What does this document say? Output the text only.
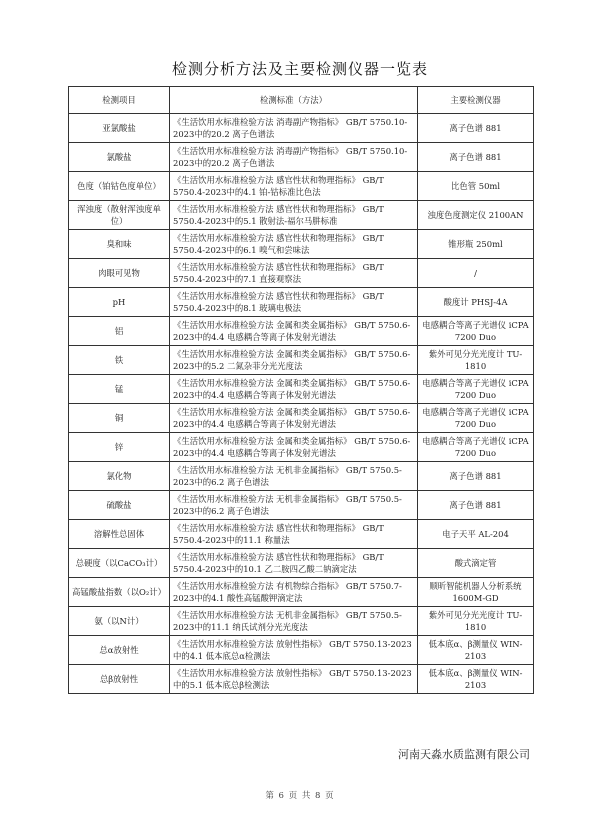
检测分析方法及主要检测仪器一览表
检测项目	检测标准（方法）	主要检测仪器
亚氯酸盐	《生活饮用水标准检验方法 消毒副产物指标》 GB/T 5750.10-2023中的20.2 离子色谱法	离子色谱 881
氯酸盐	《生活饮用水标准检验方法 消毒副产物指标》 GB/T 5750.10-2023中的20.2 离子色谱法	离子色谱 881
色度（铂钴色度单位）	《生活饮用水标准检验方法 感官性状和物理指标》 GB/T 5750.4-2023中的4.1 铂-钴标准比色法	比色管 50ml
浑浊度（散射浑浊度单位）	《生活饮用水标准检验方法 感官性状和物理指标》 GB/T 5750.4-2023中的5.1 散射法-福尔马肼标准	浊度色度测定仪 2100AN
臭和味	《生活饮用水标准检验方法 感官性状和物理指标》 GB/T 5750.4-2023中的6.1 嗅气和尝味法	锥形瓶 250ml
肉眼可见物	《生活饮用水标准检验方法 感官性状和物理指标》 GB/T 5750.4-2023中的7.1 直接观察法	/
pH	《生活饮用水标准检验方法 感官性状和物理指标》 GB/T 5750.4-2023中的8.1 玻璃电极法	酸度计 PHSJ-4A
铝	《生活饮用水标准检验方法 金属和类金属指标》 GB/T 5750.6-2023中的4.4 电感耦合等离子体发射光谱法	电感耦合等离子光谱仪 iCPA 7200 Duo
铁	《生活饮用水标准检验方法 金属和类金属指标》 GB/T 5750.6-2023中的5.2 二氮杂菲分光光度法	紫外可见分光光度计 TU-1810
锰	《生活饮用水标准检验方法 金属和类金属指标》 GB/T 5750.6-2023中的4.4 电感耦合等离子体发射光谱法	电感耦合等离子光谱仪 iCPA 7200 Duo
铜	《生活饮用水标准检验方法 金属和类金属指标》 GB/T 5750.6-2023中的4.4 电感耦合等离子体发射光谱法	电感耦合等离子光谱仪 iCPA 7200 Duo
锌	《生活饮用水标准检验方法 金属和类金属指标》 GB/T 5750.6-2023中的4.4 电感耦合等离子体发射光谱法	电感耦合等离子光谱仪 iCPA 7200 Duo
氯化物	《生活饮用水标准检验方法 无机非金属指标》 GB/T 5750.5-2023中的6.2 离子色谱法	离子色谱 881
硫酸盐	《生活饮用水标准检验方法 无机非金属指标》 GB/T 5750.5-2023中的6.2 离子色谱法	离子色谱 881
溶解性总固体	《生活饮用水标准检验方法 感官性状和物理指标》 GB/T 5750.4-2023中的11.1 称量法	电子天平 AL-204
总硬度（以CaCO₃计）	《生活饮用水标准检验方法 感官性状和物理指标》 GB/T 5750.4-2023中的10.1 乙二胺四乙酸二钠滴定法	酸式滴定管
高锰酸盐指数（以O₂计）	《生活饮用水标准检验方法 有机物综合指标》 GB/T 5750.7-2023中的4.1 酸性高锰酸钾滴定法	顺昕智能机器人分析系统 1600M-GD
氨（以N计）	《生活饮用水标准检验方法 无机非金属指标》 GB/T 5750.5-2023中的11.1 纳氏试剂分光光度法	紫外可见分光光度计 TU-1810
总α放射性	《生活饮用水标准检验方法 放射性指标》 GB/T 5750.13-2023中的4.1 低本底总α检测法	低本底α、β测量仪 WIN-2103
总β放射性	《生活饮用水标准检验方法 放射性指标》 GB/T 5750.13-2023中的5.1 低本底总β检测法	低本底α、β测量仪 WIN-2103
河南天淼水质监测有限公司
第 6 页 共 8 页
